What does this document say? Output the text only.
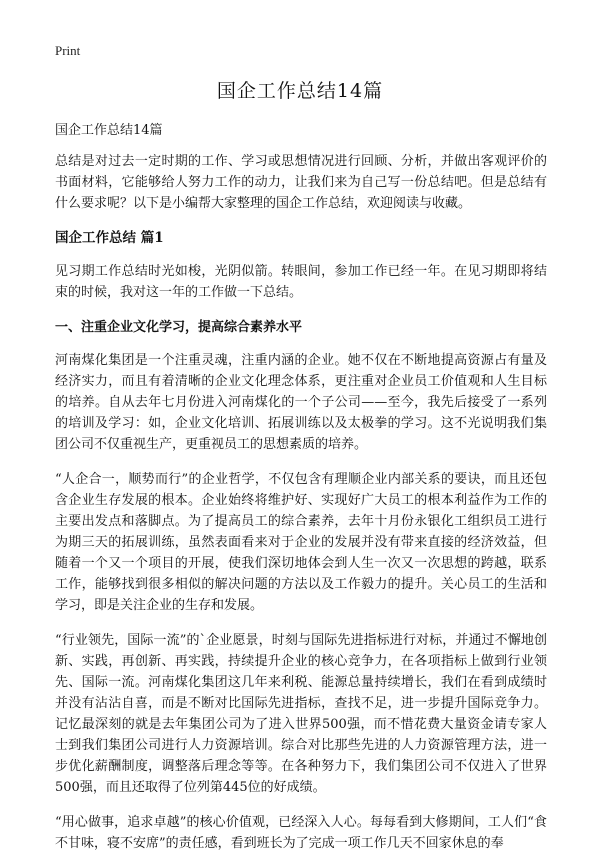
Print
国企工作总结14篇

国企工作总结14篇

总结是对过去一定时期的工作、学习或思想情况进行回顾、分析，并做出客观评价的书面材料，它能够给人努力工作的动力，让我们来为自己写一份总结吧。但是总结有什么要求呢？以下是小编帮大家整理的国企工作总结，欢迎阅读与收藏。

国企工作总结 篇1

见习期工作总结时光如梭，光阴似箭。转眼间，参加工作已经一年。在见习期即将结束的时候，我对这一年的工作做一下总结。

一、注重企业文化学习，提高综合素养水平

河南煤化集团是一个注重灵魂，注重内涵的企业。她不仅在不断地提高资源占有量及经济实力，而且有着清晰的企业文化理念体系，更注重对企业员工价值观和人生目标的培养。自从去年七月份进入河南煤化的一个子公司——至今，我先后接受了一系列的培训及学习：如，企业文化培训、拓展训练以及太极拳的学习。这不光说明我们集团公司不仅重视生产，更重视员工的思想素质的培养。

“人企合一，顺势而行”的企业哲学，不仅包含有理顺企业内部关系的要诀，而且还包含企业生存发展的根本。企业始终将维护好、实现好广大员工的根本利益作为工作的主要出发点和落脚点。为了提高员工的综合素养，去年十月份永银化工组织员工进行为期三天的拓展训练，虽然表面看来对于企业的发展并没有带来直接的经济效益，但随着一个又一个项目的开展，使我们深切地体会到人生一次又一次思想的跨越，联系工作，能够找到很多相似的解决问题的方法以及工作毅力的提升。关心员工的生活和学习，即是关注企业的生存和发展。

“行业领先，国际一流”的`企业愿景，时刻与国际先进指标进行对标，并通过不懈地创新、实践，再创新、再实践，持续提升企业的核心竞争力，在各项指标上做到行业领先、国际一流。河南煤化集团这几年来利税、能源总量持续增长，我们在看到成绩时并没有沾沾自喜，而是不断对比国际先进指标，查找不足，进一步提升国际竞争力。记忆最深刻的就是去年集团公司为了进入世界500强，而不惜花费大量资金请专家人士到我们集团公司进行人力资源培训。综合对比那些先进的人力资源管理方法，进一步优化薪酬制度，调整落后理念等等。在各种努力下，我们集团公司不仅进入了世界500强，而且还取得了位列第445位的好成绩。

“用心做事，追求卓越”的核心价值观，已经深入人心。每每看到大修期间，工人们“食不甘味，寝不安席”的责任感，看到班长为了完成一项工作几天不回家休息的奉
